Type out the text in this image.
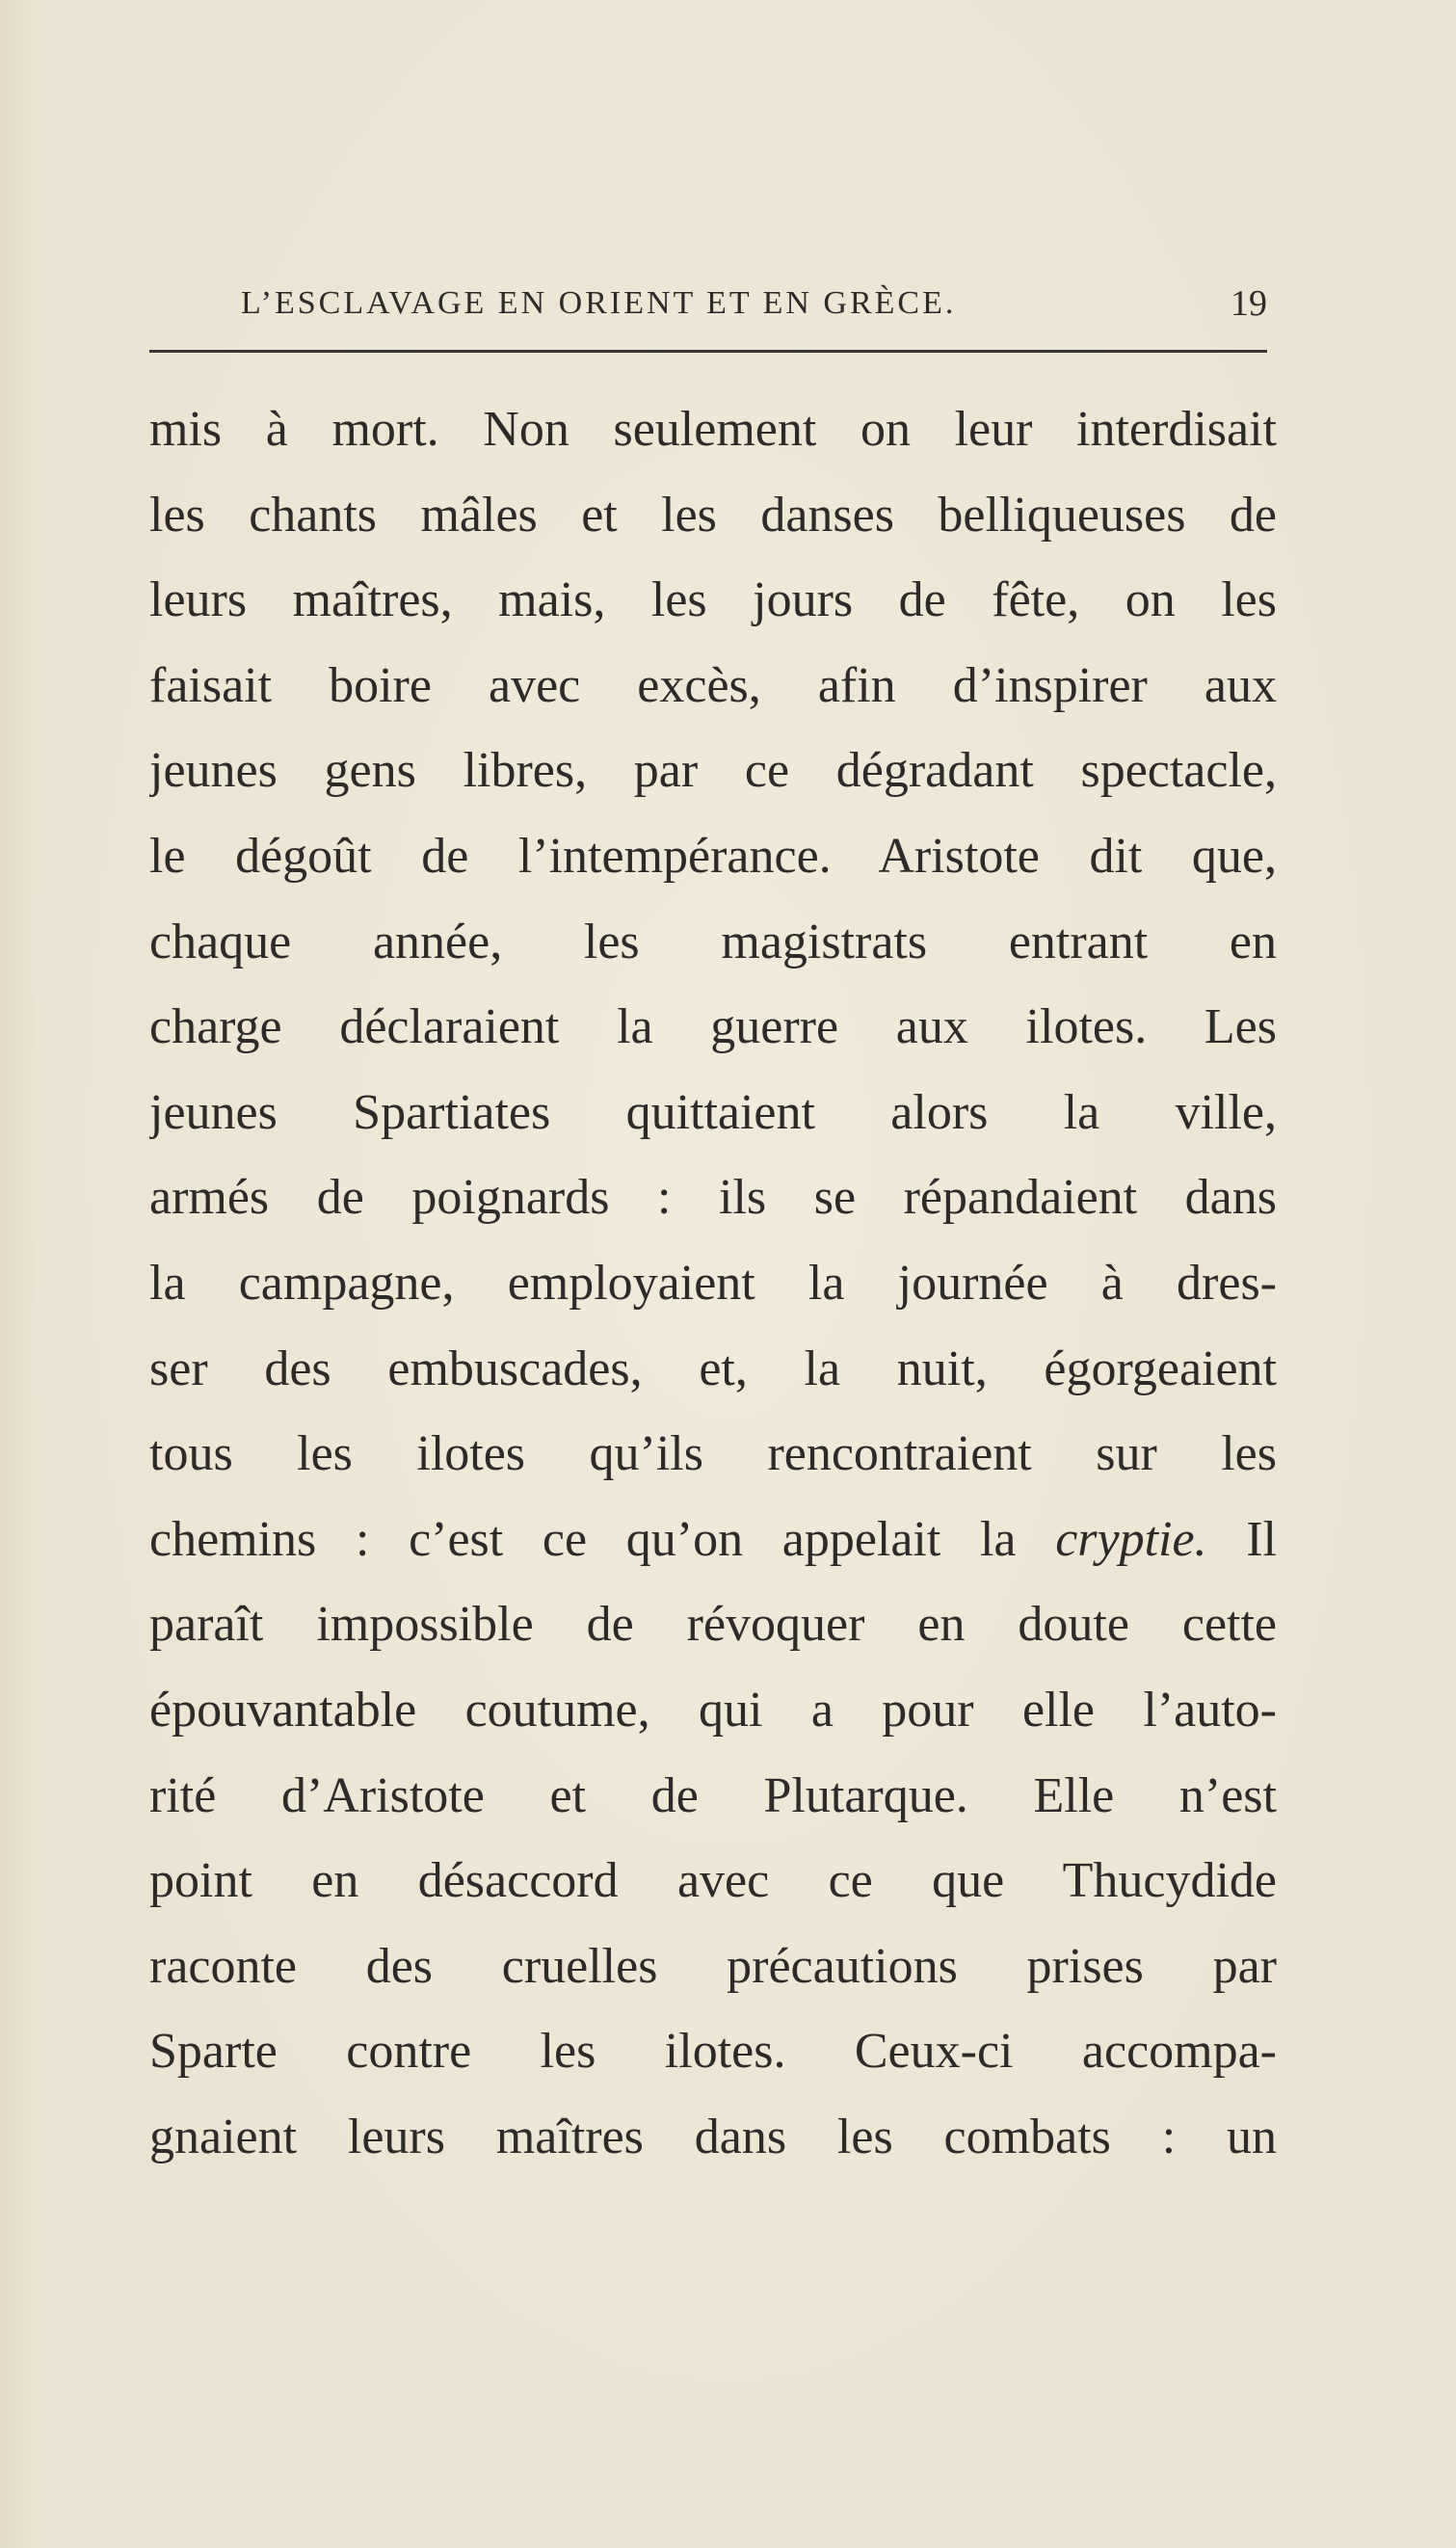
L’ESCLAVAGE EN ORIENT ET EN GRÈCE.	19
mis à mort. Non seulement on leur interdisait
les chants mâles et les danses belliqueuses de
leurs maîtres, mais, les jours de fête, on les
faisait boire avec excès, afin d’inspirer aux
jeunes gens libres, par ce dégradant spectacle,
le dégoût de l’intempérance. Aristote dit que,
chaque année, les magistrats entrant en
charge déclaraient la guerre aux ilotes. Les
jeunes Spartiates quittaient alors la ville,
armés de poignards : ils se répandaient dans
la campagne, employaient la journée à dres-
ser des embuscades, et, la nuit, égorgeaient
tous les ilotes qu’ils rencontraient sur les
chemins : c’est ce qu’on appelait la cryptie. Il
paraît impossible de révoquer en doute cette
épouvantable coutume, qui a pour elle l’auto-
rité d’Aristote et de Plutarque. Elle n’est
point en désaccord avec ce que Thucydide
raconte des cruelles précautions prises par
Sparte contre les ilotes. Ceux-ci accompa-
gnaient leurs maîtres dans les combats : un
